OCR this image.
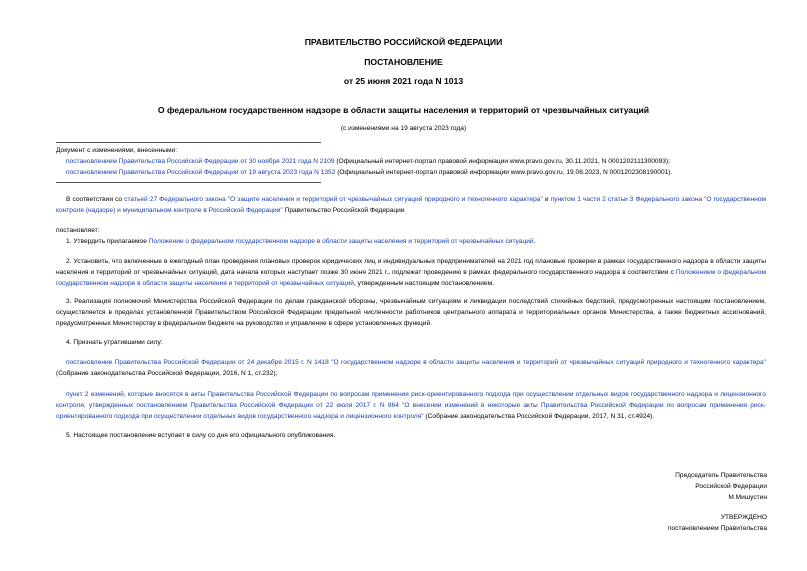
ПРАВИТЕЛЬСТВО РОССИЙСКОЙ ФЕДЕРАЦИИ
ПОСТАНОВЛЕНИЕ
от 25 июня 2021 года N 1013
О федеральном государственном надзоре в области защиты населения и территорий от чрезвычайных ситуаций
(с изменениями на 19 августа 2023 года)
Документ с изменениями, внесенными:
постановлением Правительства Российской Федерации от 30 ноября 2021 года N 2109 (Официальный интернет-портал правовой информации www.pravo.gov.ru, 30.11.2021, N 0001202111300093);
постановлением Правительства Российской Федерации от 19 августа 2023 года N 1352 (Официальный интернет-портал правовой информации www.pravo.gov.ru, 19.08.2023, N 0001202308190001).
В соответствии со статьей 27 Федерального закона "О защите населения и территорий от чрезвычайных ситуаций природного и техногенного характера" и пунктом 1 части 2 статьи 3 Федерального закона "О государственном контроле (надзоре) и муниципальном контроле в Российской Федерации" Правительство Российской Федерации
постановляет:
1. Утвердить прилагаемое Положение о федеральном государственном надзоре в области защиты населения и территорий от чрезвычайных ситуаций.
2. Установить, что включенные в ежегодный план проведения плановых проверок юридических лиц и индивидуальных предпринимателей на 2021 год плановые проверки в рамках государственного надзора в области защиты населения и территорий от чрезвычайных ситуаций, дата начала которых наступает позже 30 июня 2021 г., подлежат проведению в рамках федерального государственного надзора в соответствии с Положением о федеральном государственном надзоре в области защиты населения и территорий от чрезвычайных ситуаций, утвержденным настоящим постановлением.
3. Реализация полномочий Министерства Российской Федерации по делам гражданской обороны, чрезвычайным ситуациям и ликвидации последствий стихийных бедствий, предусмотренных настоящим постановлением, осуществляется в пределах установленной Правительством Российской Федерации предельной численности работников центрального аппарата и территориальных органов Министерства, а также бюджетных ассигнований, предусмотренных Министерству в федеральном бюджете на руководство и управление в сфере установленных функций.
4. Признать утратившими силу:
постановление Правительства Российской Федерации от 24 декабря 2015 г. N 1418 "О государственном надзоре в области защиты населения и территорий от чрезвычайных ситуаций природного и техногенного характера" (Собрание законодательства Российской Федерации, 2016, N 1, ст.232);
пункт 2 изменений, которые вносятся в акты Правительства Российской Федерации по вопросам применения риск-ориентированного подхода при осуществлении отдельных видов государственного надзора и лицензионного контроля, утвержденных постановлением Правительства Российской Федерации от 22 июля 2017 г. N 864 "О внесении изменений в некоторые акты Правительства Российской Федерации по вопросам применения риск-ориентированного подхода при осуществлении отдельных видов государственного надзора и лицензионного контроля" (Собрание законодательства Российской Федерации, 2017, N 31, ст.4924).
5. Настоящее постановление вступает в силу со дня его официального опубликования.
Председатель Правительства
Российской Федерации
М.Мишустин
УТВЕРЖДЕНО
постановлением Правительства
